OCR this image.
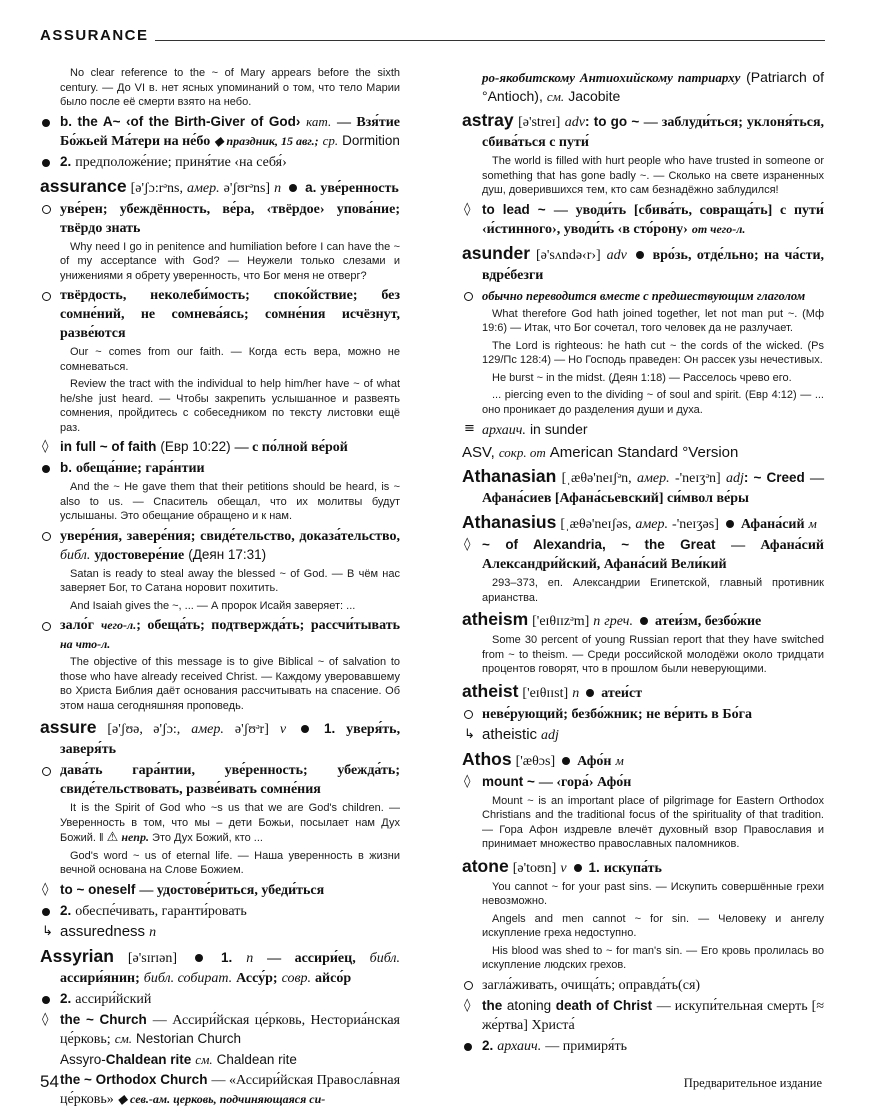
ASSURANCE
No clear reference to the ~ of Mary appears before the sixth century. — До VI в. нет ясных упоминаний о том, что тело Марии было после её смерти взято на небо.
b. the A~ ‹of the Birth-Giver of God› кат. — Взя́тие Бо́жьей Ма́тери на не́бо ◆ праздник, 15 авг.; ср. Dormition
2. предположе́ние; приня́тие ‹на себя́›
assurance [ə'ʃɔ:rᵊns, амер. ə'ʃʊrᵊns] n a. уве́ренность
уве́рен; убеждённость, ве́ра, ‹твёрдое› упова́ние; твёрдо знать
Why need I go in penitence and humiliation before I can have the ~ of my acceptance with God? — Неужели только слезами и унижениями я обрету уверенность, что Бог меня не отверг?
твёрдость, неколеби́мость; споко́йствие; без сомне́ний, не сомнева́ясь; сомне́ния исчёзнут, разве́ются
Our ~ comes from our faith. — Когда есть вера, можно не сомневаться.
Review the tract with the individual to help him/her have ~ of what he/she just heard. — Чтобы закрепить услышанное и развеять сомнения, пройдитесь с собеседником по тексту листовки ещё раз.
◊ in full ~ of faith (Евр 10:22) — с по́лной ве́рой
b. обеща́ние; гара́нтии
And the ~ He gave them that their petitions should be heard, is ~ also to us. — Спаситель обещал, что их молитвы будут услышаны. Это обещание обращено и к нам.
увере́ния, завере́ния; свиде́тельство, доказа́тельство, библ. удостовере́ние (Деян 17:31)
Satan is ready to steal away the blessed ~ of God. — В чём нас заверяет Бог, то Сатана норовит похитить.
And Isaiah gives the ~, ... — А пророк Исайя заверяет: ...
зало́г чего-л.; обеща́ть; подтвержда́ть; рассчи́тывать на что-л.
The objective of this message is to give Biblical ~ of salvation to those who have already received Christ. — Каждому уверовавшему во Христа Библия даёт основания рассчитывать на спасение. Об этом наша сегодняшняя проповедь.
assure [ə'ʃʊə, ə'ʃɔ:, амер. ə'ʃʊᵊr] v	1. уверя́ть, заверя́ть
дава́ть гара́нтии, уве́ренность; убежда́ть; свиде́тельствовать, разве́ивать сомне́ния
It is the Spirit of God who ~s us that we are God's children. — Уверенность в том, что мы – дети Божьи, посылает нам Дух Божий. ‖ ⚠ непр. Это Дух Божий, кто ...
God's word ~ us of eternal life. — Наша уверенность в жизни вечной основана на Слове Божием.
◊ to ~ oneself — удостове́риться, убеди́ться
2. обеспе́чивать, гаранти́ровать
↳ assuredness n
Assyrian [ə'sɪrɪən]	1. n — ассири́ец, библ. ассири́янин; библ. собират. Ассу́р; совр. айсо́р
2. ассири́йский
◊ the ~ Church — Ассири́йская це́рковь, Несториа́нская це́рковь; см. Nestorian Church
Assyro-Chaldean rite см. Chaldean rite
the ~ Orthodox Church — «Ассири́йская Правосла́вная це́рковь» ◆ сев.-ам. церковь, подчиняющаяся си-
ро-якобитскому Антиохийскому патриарху (Patriarch of °Antioch), см. Jacobite
astray [ə'streɪ] adv: to go ~ — заблуди́ться; уклоня́ться, сбива́ться с пути́
The world is filled with hurt people who have trusted in someone or something that has gone badly ~. — Сколько на свете израненных душ, доверившихся тем, кто сам безнадёжно заблудился!
◊ to lead ~ — уводи́ть [сбива́ть, совраща́ть] с пути́ ‹и́стинного›, уводи́ть ‹в сто́рону› от чего-л.
asunder [ə'sʌndə‹r›] adv вро́зь, отде́льно; на ча́сти, вдре́безги
обычно переводится вместе с предшествующим глаголом
What therefore God hath joined together, let not man put ~. (Мф 19:6) — Итак, что Бог сочетал, того человек да не разлучает.
The Lord is righteous: he hath cut ~ the cords of the wicked. (Ps 129/Пс 128:4) — Но Господь праведен: Он рассек узы нечестивых.
He burst ~ in the midst. (Деян 1:18) — Расселось чрево его.
... piercing even to the dividing ~ of soul and spirit. (Евр 4:12) — ... оно проникает до разделения души и духа.
≡ архаич. in sunder
ASV, сокр. от American Standard °Version
Athanasian [ˌæθə'neɪʃᵊn, амер. -'neɪʒᵊn] adj: ~ Creed — Афана́сиев [Афана́сьевский] си́мвол ве́ры
Athanasius [ˌæθə'neɪʃəs, амер. -'neɪʒəs] Афана́сий м
◊ ~ of Alexandria, ~ the Great — Афана́сий Александри́йский, Афана́сий Вели́кий
293–373, еп. Александрии Египетской, главный противник арианства.
atheism ['eɪθɪɪzᵊm] n греч. атеи́зм, безбо́жие
Some 30 percent of young Russian report that they have switched from ~ to theism. — Среди российской молодёжи около тридцати процентов говорят, что в прошлом были неверующими.
atheist ['eɪθɪɪst] n атеи́ст
неве́рующий; безбо́жник; не ве́рить в Бо́га
↳ atheistic adj
Athos ['æθɔs] Афо́н м
◊ mount ~ — ‹гора́› Афо́н
Mount ~ is an important place of pilgrimage for Eastern Orthodox Christians and the traditional focus of the spirituality of that tradition. — Гора Афон издревле влечёт духовный взор Православия и принимает множество православных паломников.
atone [ə'toʊn] v 1. искупа́ть
You cannot ~ for your past sins. — Искупить совершённые грехи невозможно.
Angels and men cannot ~ for sin. — Человеку и ангелу искупление греха недоступно.
His blood was shed to ~ for man's sin. — Его кровь пролилась во искупление людских грехов.
загла́живать, очища́ть; оправда́ть(ся)
◊ the atoning death of Christ — искупи́тельная смерть [≈ же́ртва] Христа́
2. архаич. — примиря́ть
54	Предварительное издание
